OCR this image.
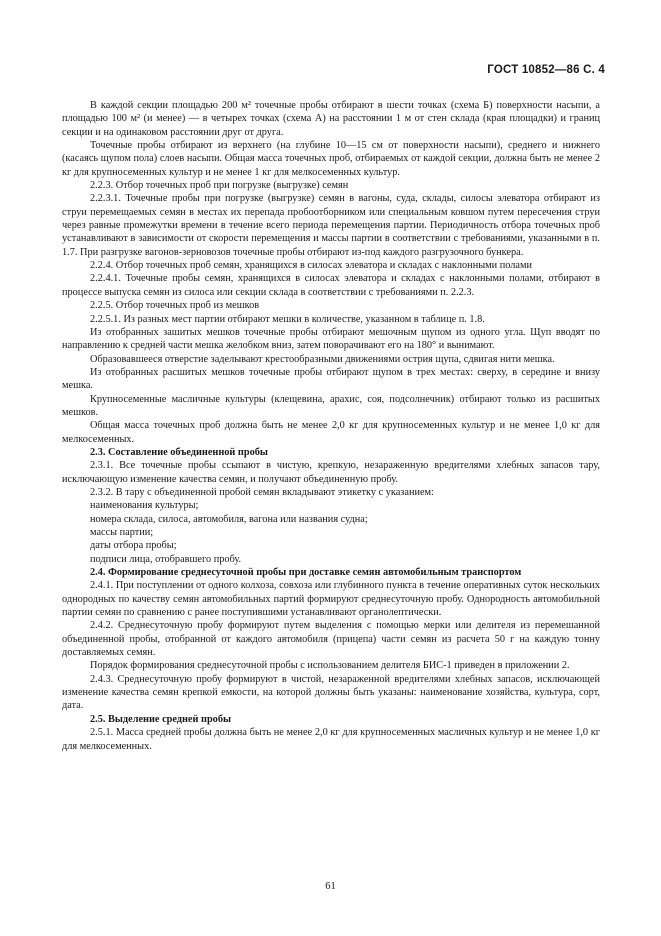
ГОСТ 10852—86 С. 4

В каждой секции площадью 200 м² точечные пробы отбирают в шести точках (схема Б) поверхности насыпи, а площадью 100 м² (и менее) — в четырех точках (схема А) на расстоянии 1 м от стен склада (края площадки) и границ секции и на одинаковом расстоянии друг от друга.

Точечные пробы отбирают из верхнего (на глубине 10—15 см от поверхности насыпи), среднего и нижнего (касаясь щупом пола) слоев насыпи. Общая масса точечных проб, отбираемых от каждой секции, должна быть не менее 2 кг для крупносеменных культур и не менее 1 кг для мелкосеменных культур.

2.2.3. Отбор точечных проб при погрузке (выгрузке) семян

2.2.3.1. Точечные пробы при погрузке (выгрузке) семян в вагоны, суда, склады, силосы элеватора отбирают из струи перемещаемых семян в местах их перепада пробоотборником или специальным ковшом путем пересечения струи через равные промежутки времени в течение всего периода перемещения партии. Периодичность отбора точечных проб устанавливают в зависимости от скорости перемещения и массы партии в соответствии с требованиями, указанными в п. 1.7. При разгрузке вагонов-зерновозов точечные пробы отбирают из-под каждого разгрузочного бункера.

2.2.4. Отбор точечных проб семян, хранящихся в силосах элеватора и складах с наклонными полами

2.2.4.1. Точечные пробы семян, хранящихся в силосах элеватора и складах с наклонными полами, отбирают в процессе выпуска семян из силоса или секции склада в соответствии с требованиями п. 2.2.3.

2.2.5. Отбор точечных проб из мешков

2.2.5.1. Из разных мест партии отбирают мешки в количестве, указанном в таблице п. 1.8.

Из отобранных зашитых мешков точечные пробы отбирают мешочным щупом из одного угла. Щуп вводят по направлению к средней части мешка желобком вниз, затем поворачивают его на 180° и вынимают.

Образовавшееся отверстие заделывают крестообразными движениями острия щупа, сдвигая нити мешка.

Из отобранных расшитых мешков точечные пробы отбирают щупом в трех местах: сверху, в середине и внизу мешка.

Крупносеменные масличные культуры (клещевина, арахис, соя, подсолнечник) отбирают только из расшитых мешков.

Общая масса точечных проб должна быть не менее 2,0 кг для крупносеменных культур и не менее 1,0 кг для мелкосеменных.

2.3. Составление объединенной пробы

2.3.1. Все точечные пробы ссыпают в чистую, крепкую, незараженную вредителями хлебных запасов тару, исключающую изменение качества семян, и получают объединенную пробу.

2.3.2. В тару с объединенной пробой семян вкладывают этикетку с указанием:

наименования культуры;

номера склада, силоса, автомобиля, вагона или названия судна;

массы партии;

даты отбора пробы;

подписи лица, отобравшего пробу.

2.4. Формирование среднесуточной пробы при доставке семян автомобильным транспортом

2.4.1. При поступлении от одного колхоза, совхоза или глубинного пункта в течение оперативных суток нескольких однородных по качеству семян автомобильных партий формируют среднесуточную пробу. Однородность автомобильной партии семян по сравнению с ранее поступившими устанавливают органолептически.

2.4.2. Среднесуточную пробу формируют путем выделения с помощью мерки или делителя из перемешанной объединенной пробы, отобранной от каждого автомобиля (прицепа) части семян из расчета 50 г на каждую тонну доставляемых семян.

Порядок формирования среднесуточной пробы с использованием делителя БИС-1 приведен в приложении 2.

2.4.3. Среднесуточную пробу формируют в чистой, незараженной вредителями хлебных запасов, исключающей изменение качества семян крепкой емкости, на которой должны быть указаны: наименование хозяйства, культура, сорт, дата.

2.5. Выделение средней пробы

2.5.1. Масса средней пробы должна быть не менее 2,0 кг для крупносеменных масличных культур и не менее 1,0 кг для мелкосеменных.

61
